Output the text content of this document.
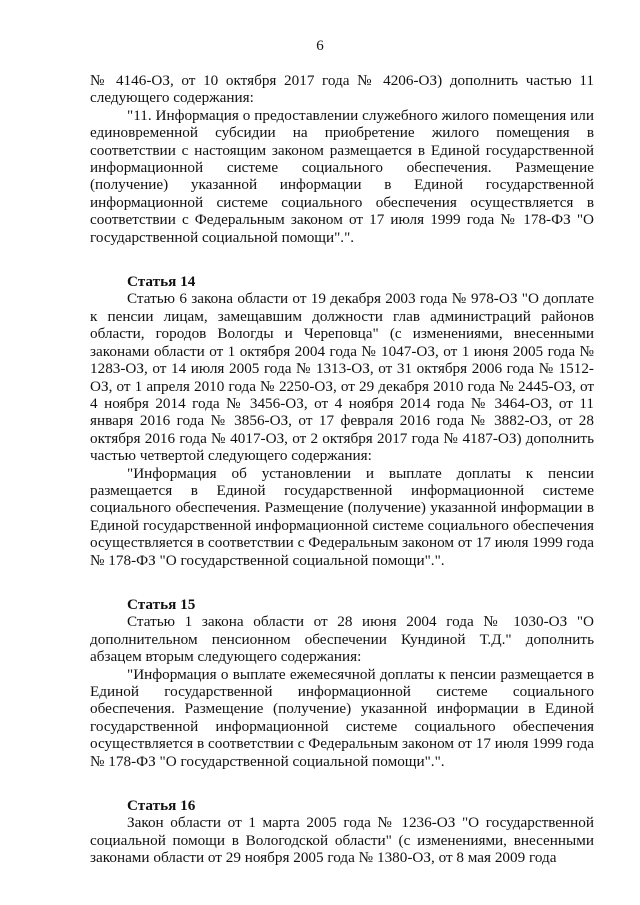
6

№ 4146-ОЗ, от 10 октября 2017 года № 4206-ОЗ) дополнить частью 11 следующего содержания:

"11. Информация о предоставлении служебного жилого помещения или единовременной субсидии на приобретение жилого помещения в соответствии с настоящим законом размещается в Единой государственной информационной системе социального обеспечения. Размещение (получение) указанной информации в Единой государственной информационной системе социального обеспечения осуществляется в соответствии с Федеральным законом от 17 июля 1999 года № 178-ФЗ "О государственной социальной помощи".".

Статья 14

Статью 6 закона области от 19 декабря 2003 года № 978-ОЗ "О доплате к пенсии лицам, замещавшим должности глав администраций районов области, городов Вологды и Череповца" (с изменениями, внесенными законами области от 1 октября 2004 года № 1047-ОЗ, от 1 июня 2005 года № 1283-ОЗ, от 14 июля 2005 года № 1313-ОЗ, от 31 октября 2006 года № 1512-ОЗ, от 1 апреля 2010 года № 2250-ОЗ, от 29 декабря 2010 года № 2445-ОЗ, от 4 ноября 2014 года № 3456-ОЗ, от 4 ноября 2014 года № 3464-ОЗ, от 11 января 2016 года № 3856-ОЗ, от 17 февраля 2016 года № 3882-ОЗ, от 28 октября 2016 года № 4017-ОЗ, от 2 октября 2017 года № 4187-ОЗ) дополнить частью четвертой следующего содержания:

"Информация об установлении и выплате доплаты к пенсии размещается в Единой государственной информационной системе социального обеспечения. Размещение (получение) указанной информации в Единой государственной информационной системе социального обеспечения осуществляется в соответствии с Федеральным законом от 17 июля 1999 года № 178-ФЗ "О государственной социальной помощи".".

Статья 15

Статью 1 закона области от 28 июня 2004 года № 1030-ОЗ "О дополнительном пенсионном обеспечении Кундиной Т.Д." дополнить абзацем вторым следующего содержания:

"Информация о выплате ежемесячной доплаты к пенсии размещается в Единой государственной информационной системе социального обеспечения. Размещение (получение) указанной информации в Единой государственной информационной системе социального обеспечения осуществляется в соответствии с Федеральным законом от 17 июля 1999 года № 178-ФЗ "О государственной социальной помощи".".

Статья 16

Закон области от 1 марта 2005 года № 1236-ОЗ "О государственной социальной помощи в Вологодской области" (с изменениями, внесенными законами области от 29 ноября 2005 года № 1380-ОЗ, от 8 мая 2009 года
